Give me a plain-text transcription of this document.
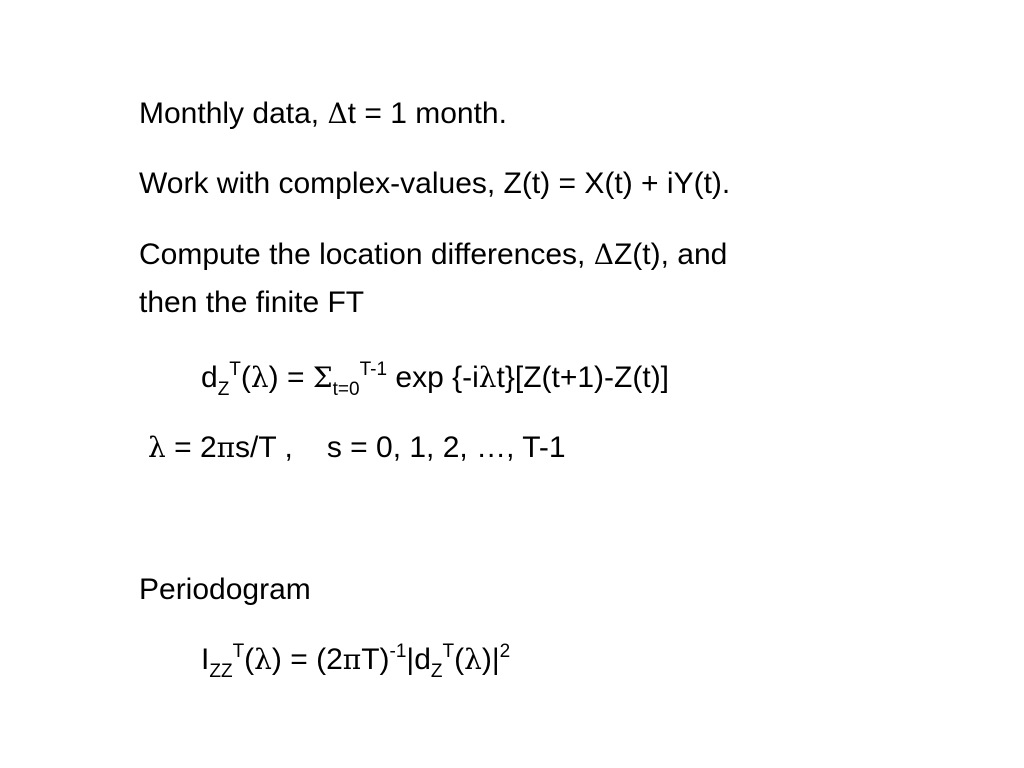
Monthly data, Δt = 1 month.
Work with complex-values, Z(t) = X(t) + iY(t).
Compute the location differences, ΔZ(t), and
then the finite FT
$d_Z^T(\lambda) = \Sigma_{t=0}^{T-1}$ exp {-iλt}[Z(t+1)-Z(t)]
λ = 2πs/T , s = 0, 1, 2, …, T-1
Periodogram
$I_{ZZ}^T(\lambda) = (2\pi T)^{-1}|d_Z^T(\lambda)|^2$
